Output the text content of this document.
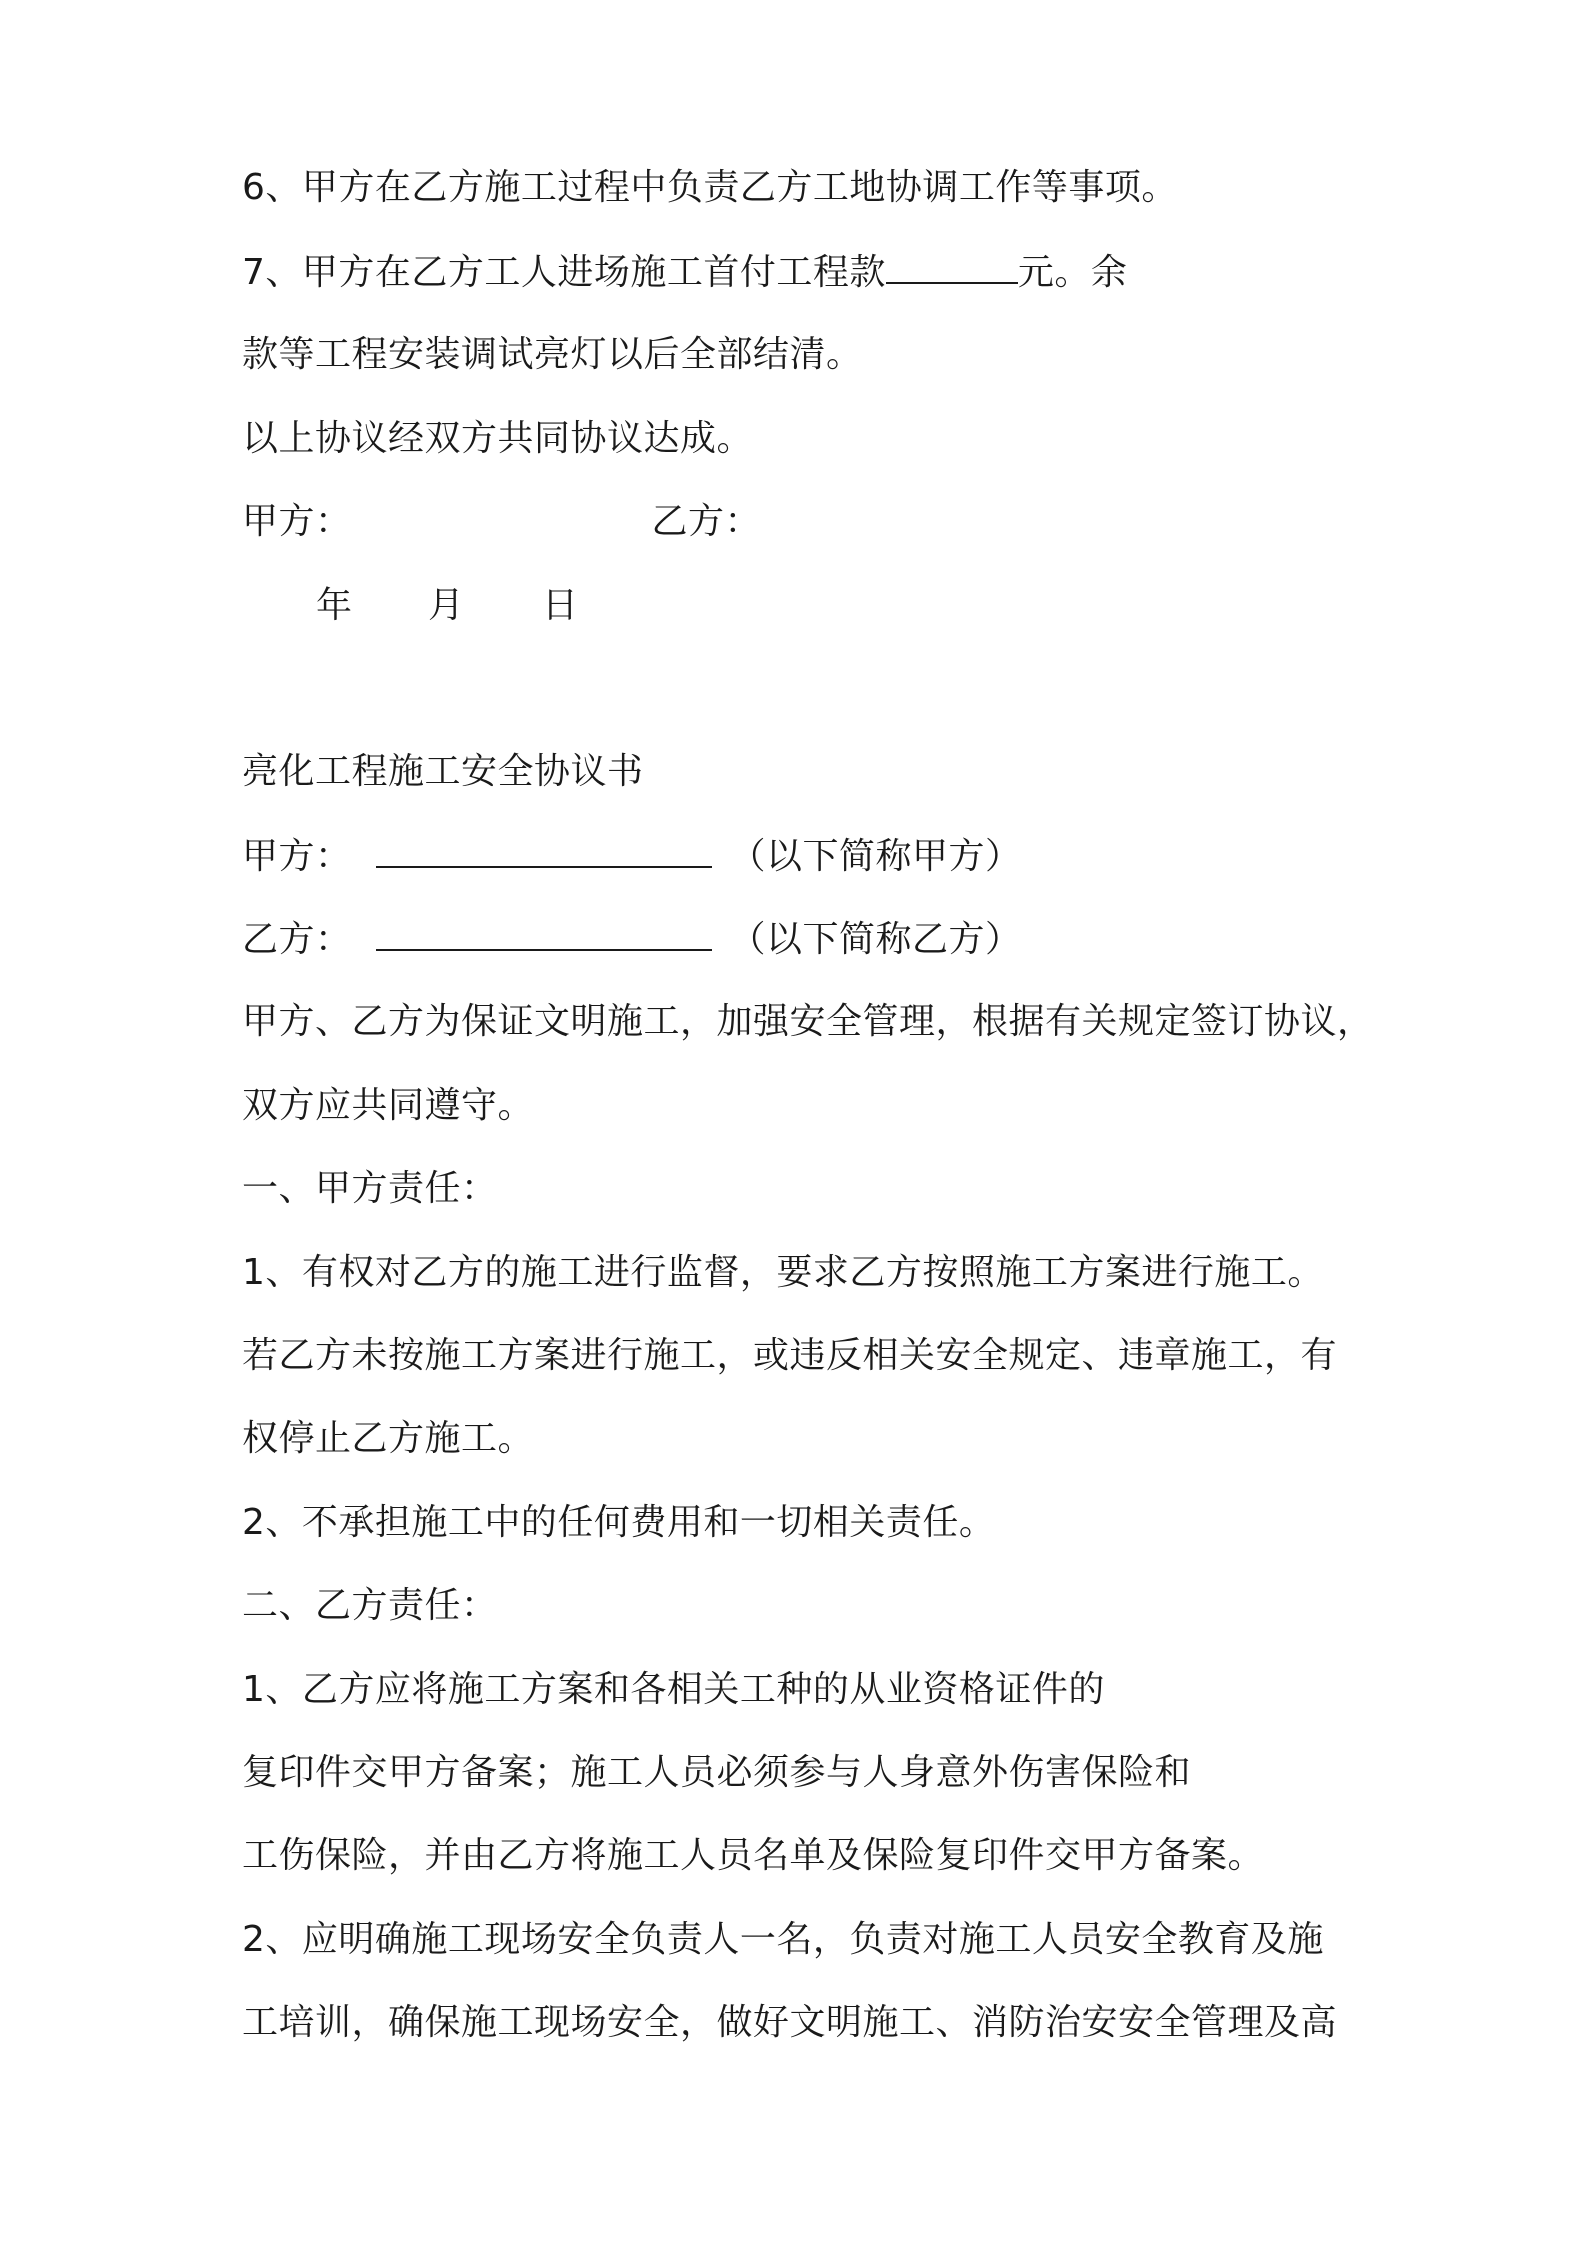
6、甲方在乙方施工过程中负责乙方工地协调工作等事项。
7、甲方在乙方工人进场施工首付工程款	元。余
款等工程安装调试亮灯以后全部结清。
以上协议经双方共同协议达成。
甲方：	乙方：
年 月 日
亮化工程施工安全协议书
甲方：	（以下简称甲方）
乙方：	（以下简称乙方）
甲方、乙方为保证文明施工，加强安全管理，根据有关规定签订协议，
双方应共同遵守。
一、甲方责任：
1、有权对乙方的施工进行监督，要求乙方按照施工方案进行施工。
若乙方未按施工方案进行施工，或违反相关安全规定、违章施工，有
权停止乙方施工。
2、不承担施工中的任何费用和一切相关责任。
二、乙方责任：
1、乙方应将施工方案和各相关工种的从业资格证件的
复印件交甲方备案；施工人员必须参与人身意外伤害保险和
工伤保险，并由乙方将施工人员名单及保险复印件交甲方备案。
2、应明确施工现场安全负责人一名，负责对施工人员安全教育及施
工培训，确保施工现场安全，做好文明施工、消防治安安全管理及高
